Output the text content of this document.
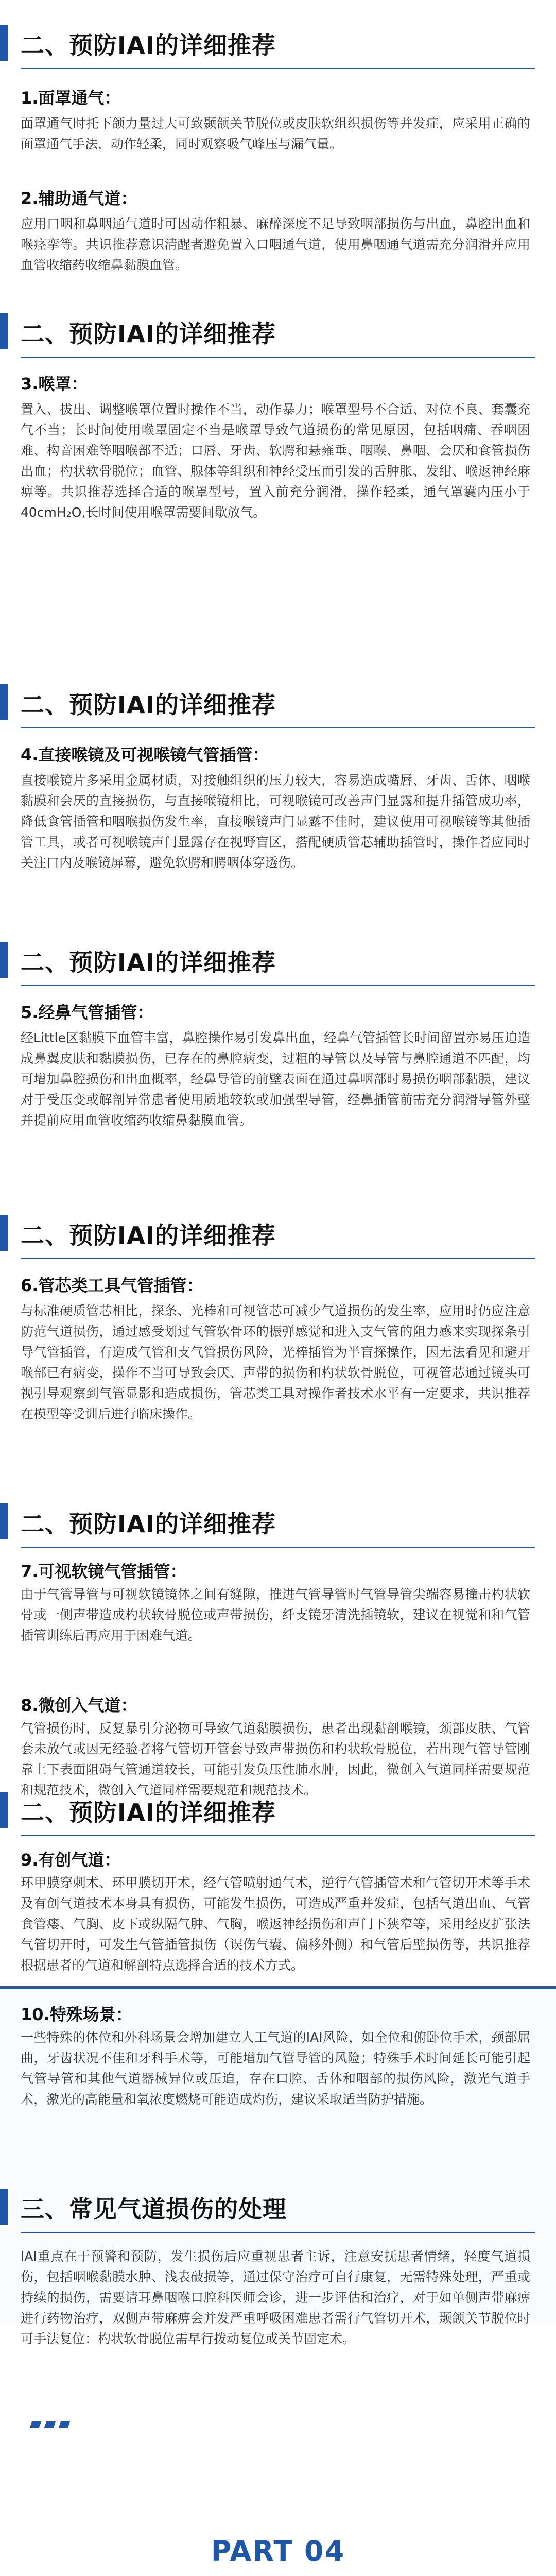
二、预防IAI的详细推荐
1.面罩通气：
面罩通气时托下颌力量过大可致颞颌关节脱位或皮肤软组织损伤等并发症，应采用正确的面罩通气手法，动作轻柔，同时观察吸气峰压与漏气量。
2.辅助通气道：
应用口咽和鼻咽通气道时可因动作粗暴、麻醉深度不足导致咽部损伤与出血，鼻腔出血和喉痉挛等。共识推荐意识清醒者避免置入口咽通气道，使用鼻咽通气道需充分润滑并应用血管收缩药收缩鼻黏膜血管。
二、预防IAI的详细推荐
3.喉罩：
置入、拔出、调整喉罩位置时操作不当，动作暴力；喉罩型号不合适、对位不良、套囊充气不当；长时间使用喉罩固定不当是喉罩导致气道损伤的常见原因，包括咽痛、吞咽困难、构音困难等咽喉部不适；口唇、牙齿、软腭和悬雍垂、咽喉、鼻咽、会厌和食管损伤出血；杓状软骨脱位；血管、腺体等组织和神经受压而引发的舌肿胀、发绀、喉返神经麻痹等。共识推荐选择合适的喉罩型号，置入前充分润滑，操作轻柔，通气罩囊内压小于40cmH₂O,长时间使用喉罩需要间歇放气。
二、预防IAI的详细推荐
4.直接喉镜及可视喉镜气管插管：
直接喉镜片多采用金属材质，对接触组织的压力较大，容易造成嘴唇、牙齿、舌体、咽喉黏膜和会厌的直接损伤，与直接喉镜相比，可视喉镜可改善声门显露和提升插管成功率，降低食管插管和咽喉损伤发生率，直接喉镜声门显露不佳时，建议使用可视喉镜等其他插管工具，或者可视喉镜声门显露存在视野盲区，搭配硬质管芯辅助插管时，操作者应同时关注口内及喉镜屏幕，避免软腭和腭咽体穿透伤。
二、预防IAI的详细推荐
5.经鼻气管插管：
经Little区黏膜下血管丰富，鼻腔操作易引发鼻出血，经鼻气管插管长时间留置亦易压迫造成鼻翼皮肤和黏膜损伤，已存在的鼻腔病变，过粗的导管以及导管与鼻腔通道不匹配，均可增加鼻腔损伤和出血概率，经鼻导管的前壁表面在通过鼻咽部时易损伤咽部黏膜，建议对于受压变或解剖异常患者使用质地较软或加强型导管，经鼻插管前需充分润滑导管外壁并提前应用血管收缩药收缩鼻黏膜血管。
二、预防IAI的详细推荐
6.管芯类工具气管插管：
与标准硬质管芯相比，探条、光棒和可视管芯可减少气道损伤的发生率，应用时仍应注意防范气道损伤，通过感受划过气管软骨环的振弹感觉和进入支气管的阻力感来实现探条引导气管插管，有造成气管和支气管损伤风险，光棒插管为半盲探操作，因无法看见和避开喉部已有病变，操作不当可导致会厌、声带的损伤和杓状软骨脱位，可视管芯通过镜头可视引导观察到气管显影和造成损伤，管芯类工具对操作者技术水平有一定要求，共识推荐在模型等受训后进行临床操作。
二、预防IAI的详细推荐
7.可视软镜气管插管：
由于气管导管与可视软镜镜体之间有缝隙，推进气管导管时气管导管尖端容易撞击杓状软骨或一侧声带造成杓状软骨脱位或声带损伤，纤支镜牙清洗插镜软，建议在视觉和和气管插管训练后再应用于困难气道。
8.微创入气道：
气管损伤时，反复暴引分泌物可导致气道黏膜损伤，患者出现黏剖喉镜，颈部皮肤、气管套未放气或因无经验者将气管切开管套导致声带损伤和杓状软骨脱位，若出现气管导管刚靠上下表面阻碍气管通道较长，可能引发负压性肺水肿，因此，微创入气道同样需要规范和规范技术，微创入气道同样需要规范和规范技术。
二、预防IAI的详细推荐
9.有创气道：
环甲膜穿刺术、环甲膜切开术，经气管喷射通气术，逆行气管插管术和气管切开术等手术及有创气道技术本身具有损伤，可能发生损伤，可造成严重并发症，包括气道出血、气管食管瘘、气胸、皮下或纵隔气肿、气胸，喉返神经损伤和声门下狭窄等，采用经皮扩张法气管切开时，可发生气管插管损伤（误伤气囊、偏移外侧）和气管后壁损伤等，共识推荐根据患者的气道和解剖特点选择合适的技术方式。
10.特殊场景：
一些特殊的体位和外科场景会增加建立人工气道的IAI风险，如全位和俯卧位手术，颈部屈曲，牙齿状况不佳和牙科手术等，可能增加气管导管的风险；特殊手术时间延长可能引起气管导管和其他气道器械异位或压迫，存在口腔、舌体和咽部的损伤风险，激光气道手术，激光的高能量和氧浓度燃烧可能造成灼伤，建议采取适当防护措施。
三、常见气道损伤的处理
IAI重点在于预警和预防，发生损伤后应重视患者主诉，注意安抚患者情绪，轻度气道损伤，包括咽喉黏膜水肿、浅表破损等，通过保守治疗可自行康复，无需特殊处理，严重或持续的损伤，需要请耳鼻咽喉口腔科医师会诊，进一步评估和治疗，对于如单侧声带麻痹进行药物治疗，双侧声带麻痹会并发严重呼吸困难患者需行气管切开术，颞颌关节脱位时可手法复位：杓状软骨脱位需早行拨动复位或关节固定术。
PART 04
